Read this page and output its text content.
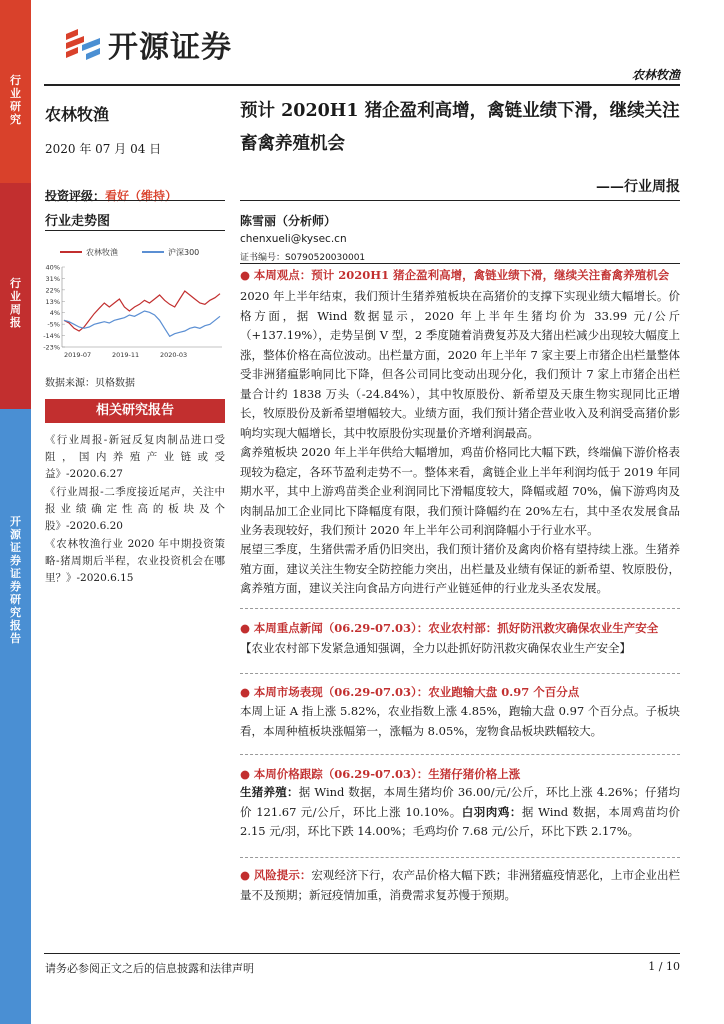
行业研究
行业周报
开源证券 证券研究报告
开源证券
农林牧渔
农林牧渔
2020 年 07 月 04 日
投资评级：看好（维持）
行业走势图
农林牧渔	沪深300
40%
31%
22%
13%
4%
-5%
-14%
-23%
2019-07	2019-11	2020-03
数据来源：贝格数据
相关研究报告
《行业周报-新冠反复肉制品进口受阻，国内养殖产业链或受益》-2020.6.27
《行业周报-二季度接近尾声，关注中报业绩确定性高的板块及个股》-2020.6.20
《农林牧渔行业 2020 年中期投资策略-猪周期后半程，农业投资机会在哪里？》-2020.6.15
预计 2020H1 猪企盈利高增，禽链业绩下滑，继续关注畜禽养殖机会
——行业周报
陈雪丽（分析师）
chenxueli@kysec.cn
证书编号：S0790520030001
● 本周观点：预计 2020H1 猪企盈利高增，禽链业绩下滑，继续关注畜禽养殖机会
2020 年上半年结束，我们预计生猪养殖板块在高猪价的支撑下实现业绩大幅增长。价格方面，据 Wind 数据显示，2020 年上半年生猪均价为 33.99 元/公斤（+137.19%），走势呈倒 V 型，2 季度随着消费复苏及大猪出栏减少出现较大幅度上涨，整体价格在高位波动。出栏量方面，2020 年上半年 7 家主要上市猪企出栏量整体受非洲猪瘟影响同比下降，但各公司同比变动出现分化，我们预计 7 家上市猪企出栏量合计约 1838 万头（-24.84%），其中牧原股份、新希望及天康生物实现同比正增长，牧原股份及新希望增幅较大。业绩方面，我们预计猪企营业收入及利润受高猪价影响均实现大幅增长，其中牧原股份实现量价齐增利润最高。
禽养殖板块 2020 年上半年供给大幅增加，鸡苗价格同比大幅下跌，终端偏下游价格表现较为稳定，各环节盈利走势不一。整体来看，禽链企业上半年利润均低于 2019 年同期水平，其中上游鸡苗类企业利润同比下滑幅度较大，降幅或超 70%，偏下游鸡肉及肉制品加工企业同比下降幅度有限，我们预计降幅约在 20%左右，其中圣农发展食品业务表现较好，我们预计 2020 年上半年公司利润降幅小于行业水平。
展望三季度，生猪供需矛盾仍旧突出，我们预计猪价及禽肉价格有望持续上涨。生猪养殖方面，建议关注生物安全防控能力突出，出栏量及业绩有保证的新希望、牧原股份，禽养殖方面，建议关注向食品方向进行产业链延伸的行业龙头圣农发展。
● 本周重点新闻（06.29-07.03）：农业农村部：抓好防汛救灾确保农业生产安全
【农业农村部下发紧急通知强调，全力以赴抓好防汛救灾确保农业生产安全】
● 本周市场表现（06.29-07.03）：农业跑输大盘 0.97 个百分点
本周上证 A 指上涨 5.82%，农业指数上涨 4.85%，跑输大盘 0.97 个百分点。子板块看，本周种植板块涨幅第一，涨幅为 8.05%，宠物食品板块跌幅较大。
● 本周价格跟踪（06.29-07.03）：生猪仔猪价格上涨
生猪养殖：据 Wind 数据，本周生猪均价 36.00/元/公斤，环比上涨 4.26%；仔猪均价 121.67 元/公斤，环比上涨 10.10%。白羽肉鸡：据 Wind 数据，本周鸡苗均价 2.15 元/羽，环比下跌 14.00%；毛鸡均价 7.68 元/公斤，环比下跌 2.17%。
● 风险提示：宏观经济下行，农产品价格大幅下跌；非洲猪瘟疫情恶化，上市企业出栏量不及预期；新冠疫情加重，消费需求复苏慢于预期。
请务必参阅正文之后的信息披露和法律声明	1 / 10
